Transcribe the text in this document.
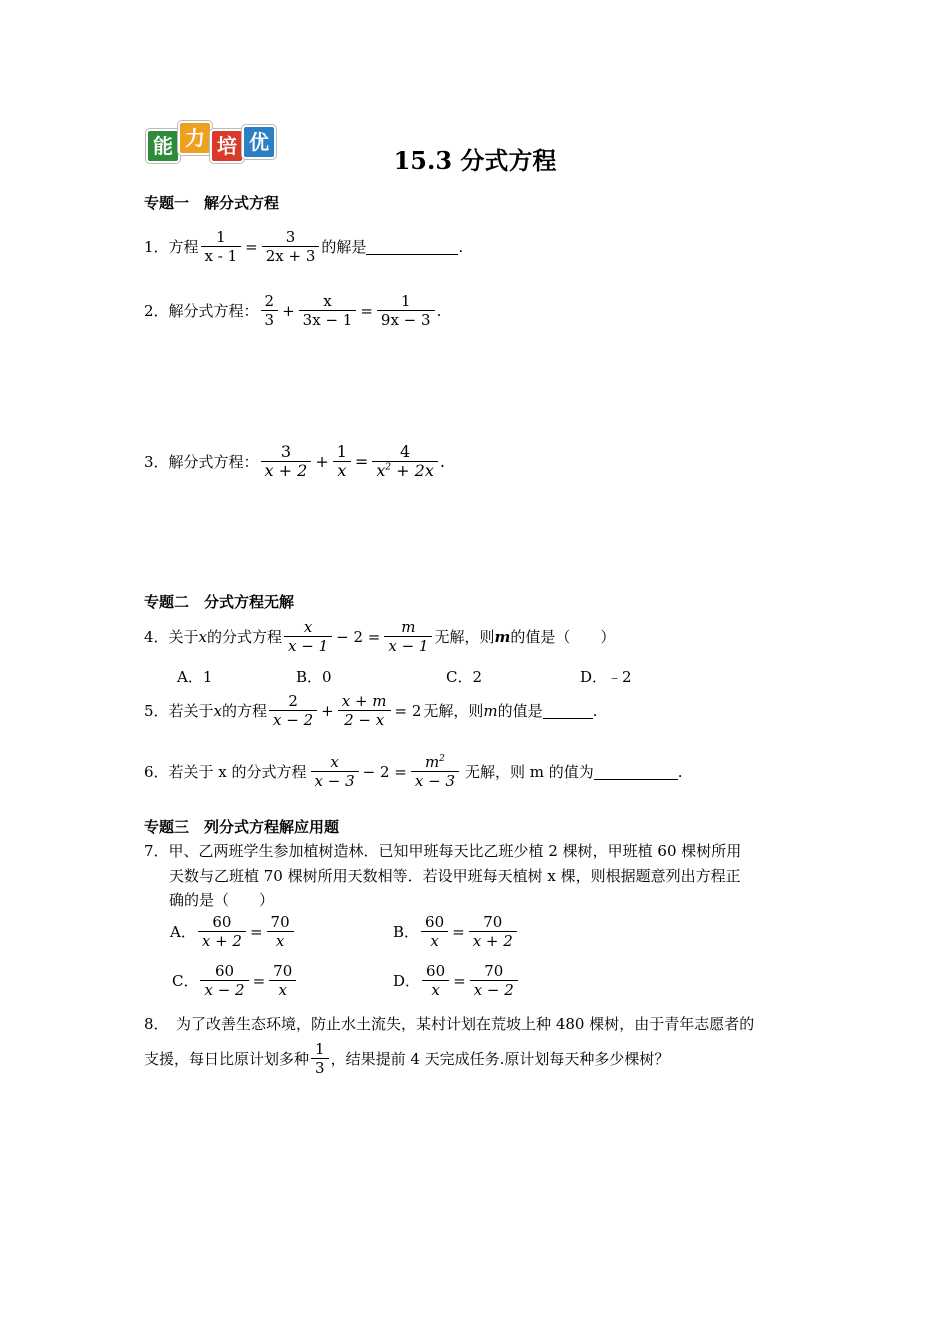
能 力 培 优
15.3 分式方程
专题一　解分式方程
1．方程 $\frac{1}{x - 1} = \frac{3}{2x + 3}$ 的解是	.
2．解分式方程： $\frac{2}{3} + \frac{x}{3x - 1} = \frac{1}{9x - 3}$ .
3．解分式方程： $\frac{3}{x + 2} + \frac{1}{x} = \frac{4}{x^2 + 2x}$ .
专题二　分式方程无解
4．关于 x 的分式方程 $\frac{x}{x - 1} - 2 = \frac{m}{x - 1}$ 无解，则 m 的值是（　　）
A．1	B．0	C．2	D．﹣2
5．若关于 x 的方程 $\frac{2}{x - 2} + \frac{x + m}{2 - x} = 2$ 无解，则 m 的值是	.
6．若关于 x 的分式方程 $\frac{x}{x - 3} - 2 = \frac{m^2}{x - 3}$ 无解，则 m 的值为	.
专题三　列分式方程解应用题
7．甲、乙两班学生参加植树造林．已知甲班每天比乙班少植 2 棵树，甲班植 60 棵树所用
天数与乙班植 70 棵树所用天数相等．若设甲班每天植树 x 棵，则根据题意列出方程正
确的是（　　）
A． $\frac{60}{x + 2} = \frac{70}{x}$	B． $\frac{60}{x} = \frac{70}{x + 2}$
C． $\frac{60}{x - 2} = \frac{70}{x}$	D． $\frac{60}{x} = \frac{70}{x - 2}$
8．　为了改善生态环境，防止水土流失，某村计划在荒坡上种 480 棵树，由于青年志愿者的
支援，每日比原计划多种 $\frac{1}{3}$ ，结果提前 4 天完成任务.原计划每天种多少棵树？
